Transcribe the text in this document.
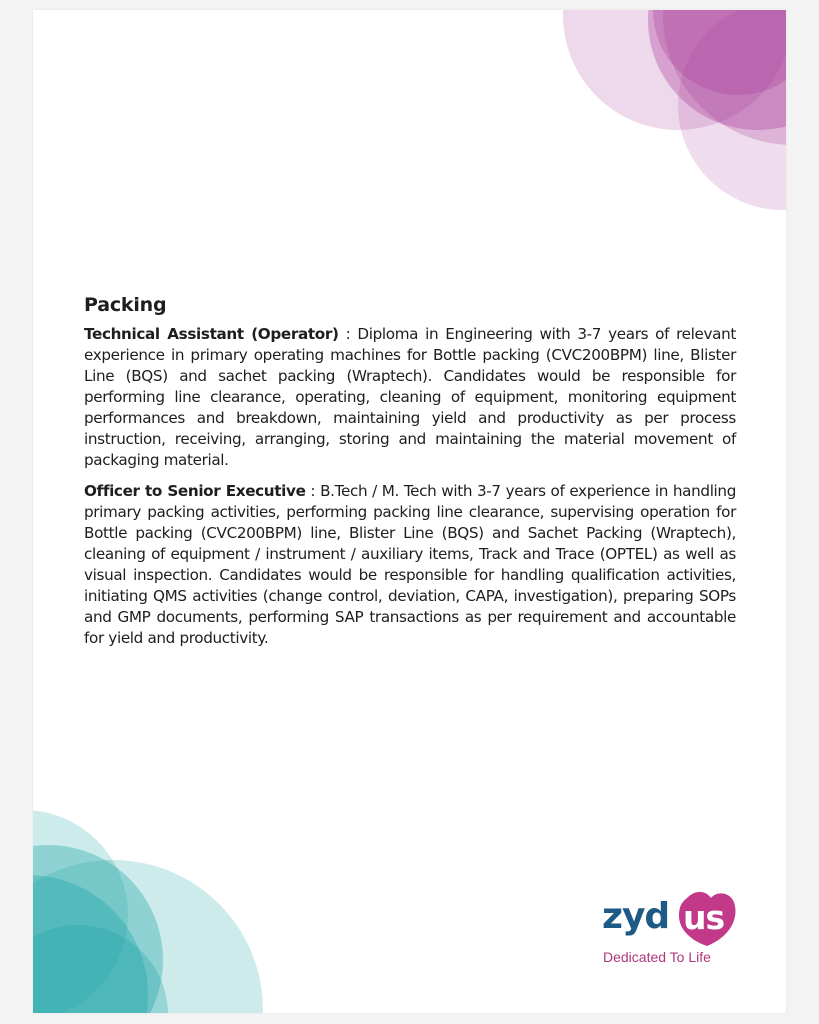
Packing

Technical Assistant (Operator) : Diploma in Engineering with 3-7 years of relevant experience in primary operating machines for Bottle packing (CVC200BPM) line, Blister Line (BQS) and sachet packing (Wraptech). Candidates would be responsible for performing line clearance, operating, cleaning of equipment, monitoring equipment performances and breakdown, maintaining yield and productivity as per process instruction, receiving, arranging, storing and maintaining the material movement of packaging material.

Officer to Senior Executive : B.Tech / M. Tech with 3-7 years of experience in handling primary packing activities, performing packing line clearance, supervising operation for Bottle packing (CVC200BPM) line, Blister Line (BQS) and Sachet Packing (Wraptech), cleaning of equipment / instrument / auxiliary items, Track and Trace (OPTEL) as well as visual inspection. Candidates would be responsible for handling qualification activities, initiating QMS activities (change control, deviation, CAPA, investigation), preparing SOPs and GMP documents, performing SAP transactions as per requirement and accountable for yield and productivity.

zyd us
Dedicated To Life
